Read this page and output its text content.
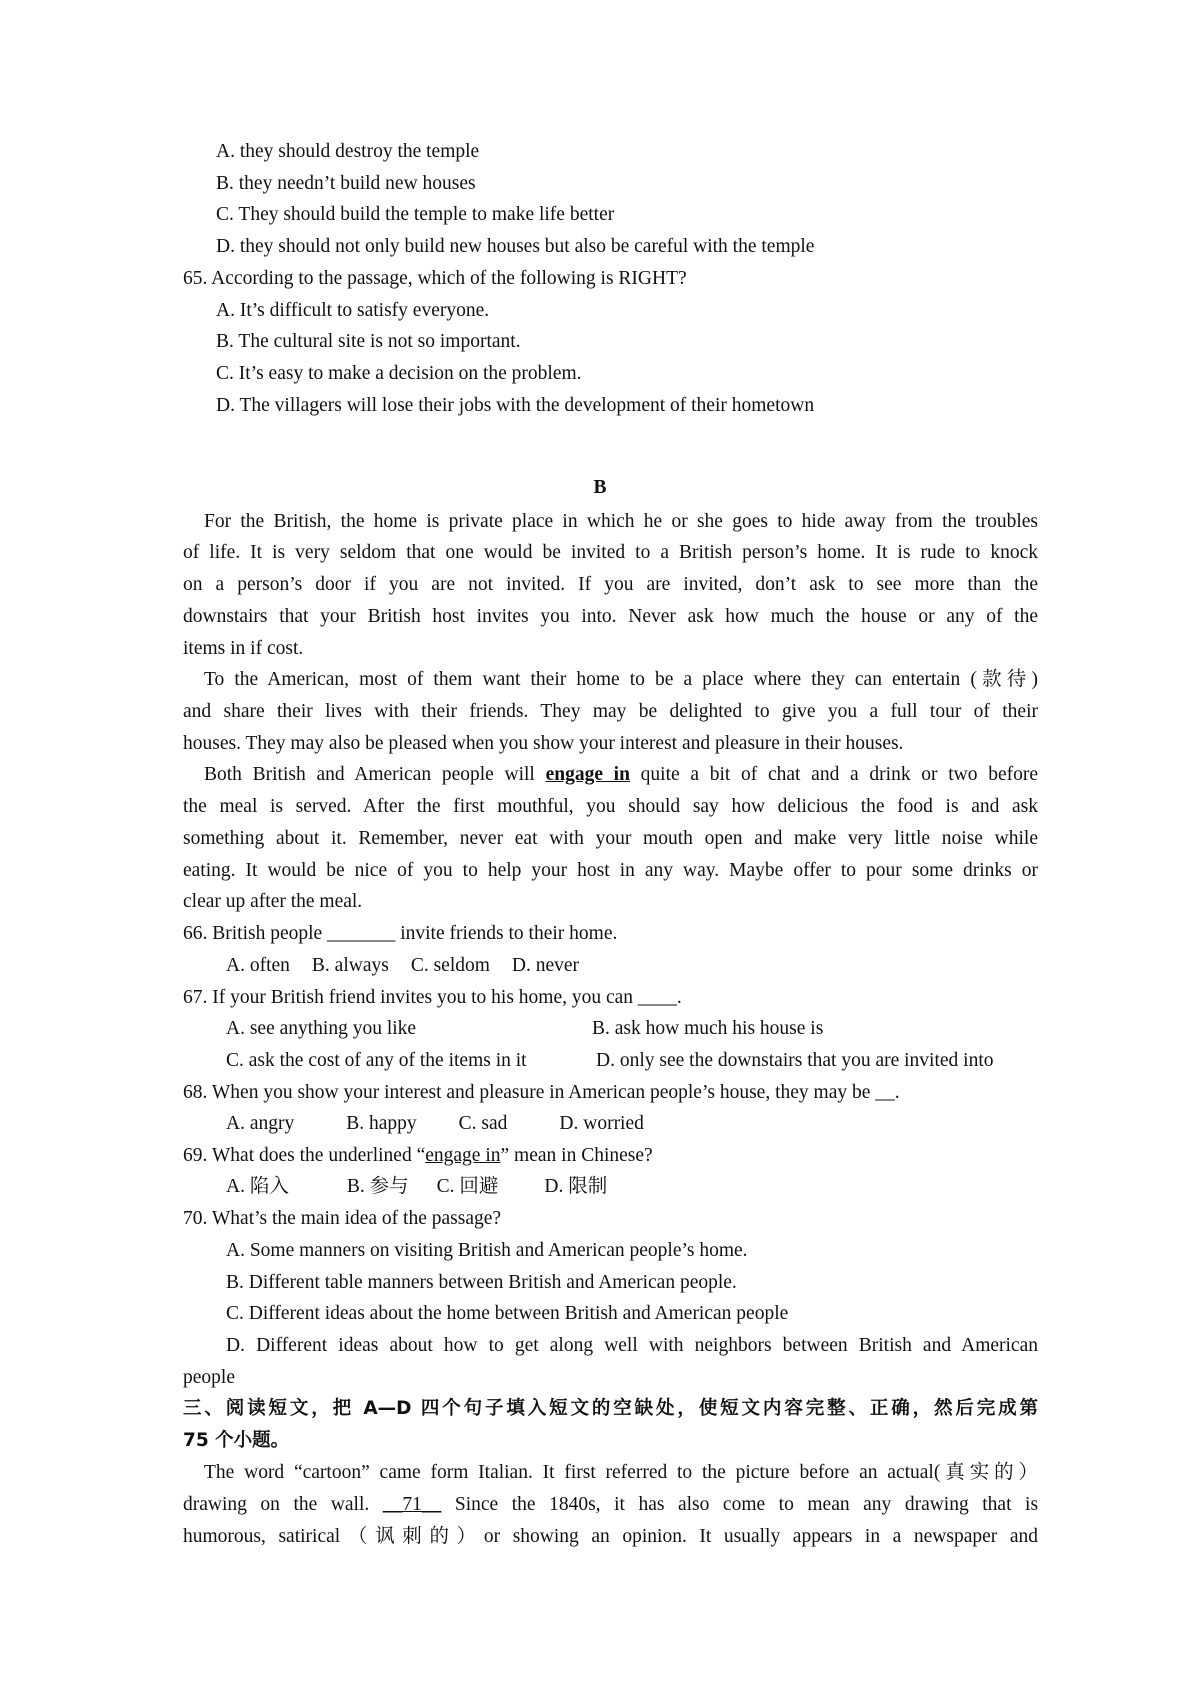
A. they should destroy the temple
B. they needn’t build new houses
C. They should build the temple to make life better
D. they should not only build new houses but also be careful with the temple
65. According to the passage, which of the following is RIGHT?
A. It’s difficult to satisfy everyone.
B. The cultural site is not so important.
C. It’s easy to make a decision on the problem.
D. The villagers will lose their jobs with the development of their hometown
B
For the British, the home is private place in which he or she goes to hide away from the troubles
of life. It is very seldom that one would be invited to a British person’s home. It is rude to knock
on a person’s door if you are not invited. If you are invited, don’t ask to see more than the
downstairs that your British host invites you into. Never ask how much the house or any of the
items in if cost.
To the American, most of them want their home to be a place where they can entertain (款待)
and share their lives with their friends. They may be delighted to give you a full tour of their
houses. They may also be pleased when you show your interest and pleasure in their houses.
Both British and American people will engage in quite a bit of chat and a drink or two before
the meal is served. After the first mouthful, you should say how delicious the food is and ask
something about it. Remember, never eat with your mouth open and make very little noise while
eating. It would be nice of you to help your host in any way. Maybe offer to pour some drinks or
clear up after the meal.
66. British people _______ invite friends to their home.
A. often B. always C. seldom D. never
67. If your British friend invites you to his home, you can ____.
A. see anything you like	B. ask how much his house is
C. ask the cost of any of the items in it	D. only see the downstairs that you are invited into
68. When you show your interest and pleasure in American people’s house, they may be __.
A. angry	B. happy C. sad	D. worried
69. What does the underlined “engage in” mean in Chinese?
A. 陷入	B. 参与 C. 回避 D. 限制
70. What’s the main idea of the passage?
A. Some manners on visiting British and American people’s home.
B. Different table manners between British and American people.
C. Different ideas about the home between British and American people
D. Different ideas about how to get along well with neighbors between British and American
people
三、阅读短文，把 A—D 四个句子填入短文的空缺处，使短文内容完整、正确，然后完成第
75 个小题。
The word “cartoon” came form Italian. It first referred to the picture before an actual(真实的）
drawing on the wall. __71__ Since the 1840s, it has also come to mean any drawing that is
humorous, satirical（讽刺的）or showing an opinion. It usually appears in a newspaper and
